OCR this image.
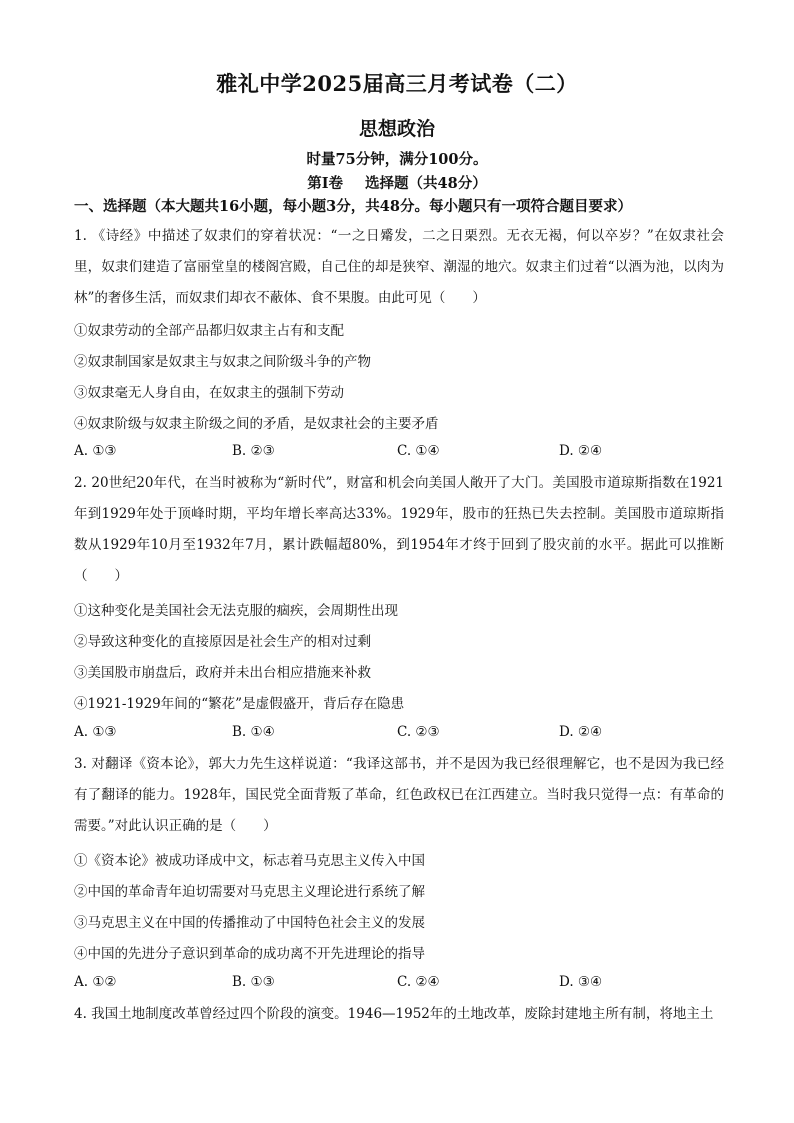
雅礼中学2025届高三月考试卷（二）
思想政治
时量75分钟，满分100分。
第Ⅰ卷 选择题（共48分）
一、选择题（本大题共16小题，每小题3分，共48分。每小题只有一项符合题目要求）

1. 《诗经》中描述了奴隶们的穿着状况：“一之日觱发，二之日栗烈。无衣无褐，何以卒岁？”在奴隶社会里，奴隶们建造了富丽堂皇的楼阁宫殿，自己住的却是狭窄、潮湿的地穴。奴隶主们过着“以酒为池，以肉为林”的奢侈生活，而奴隶们却衣不蔽体、食不果腹。由此可见（　　）

①奴隶劳动的全部产品都归奴隶主占有和支配
②奴隶制国家是奴隶主与奴隶之间阶级斗争的产物
③奴隶毫无人身自由，在奴隶主的强制下劳动
④奴隶阶级与奴隶主阶级之间的矛盾，是奴隶社会的主要矛盾
A. ①③	B. ②③	C. ①④	D. ②④

2. 20世纪20年代，在当时被称为“新时代”，财富和机会向美国人敞开了大门。美国股市道琼斯指数在1921年到1929年处于顶峰时期，平均年增长率高达33%。1929年，股市的狂热已失去控制。美国股市道琼斯指数从1929年10月至1932年7月，累计跌幅超80%，到1954年才终于回到了股灾前的水平。据此可以推断（　　）

①这种变化是美国社会无法克服的痼疾，会周期性出现
②导致这种变化的直接原因是社会生产的相对过剩
③美国股市崩盘后，政府并未出台相应措施来补救
④1921-1929年间的“繁花”是虚假盛开，背后存在隐患
A. ①③	B. ①④	C. ②③	D. ②④

3. 对翻译《资本论》，郭大力先生这样说道：“我译这部书，并不是因为我已经很理解它，也不是因为我已经有了翻译的能力。1928年，国民党全面背叛了革命，红色政权已在江西建立。当时我只觉得一点：有革命的需要。”对此认识正确的是（　　）

①《资本论》被成功译成中文，标志着马克思主义传入中国
②中国的革命青年迫切需要对马克思主义理论进行系统了解
③马克思主义在中国的传播推动了中国特色社会主义的发展
④中国的先进分子意识到革命的成功离不开先进理论的指导
A. ①②	B. ①③	C. ②④	D. ③④

4. 我国土地制度改革曾经过四个阶段的演变。1946—1952年的土地改革，废除封建地主所有制，将地主土
